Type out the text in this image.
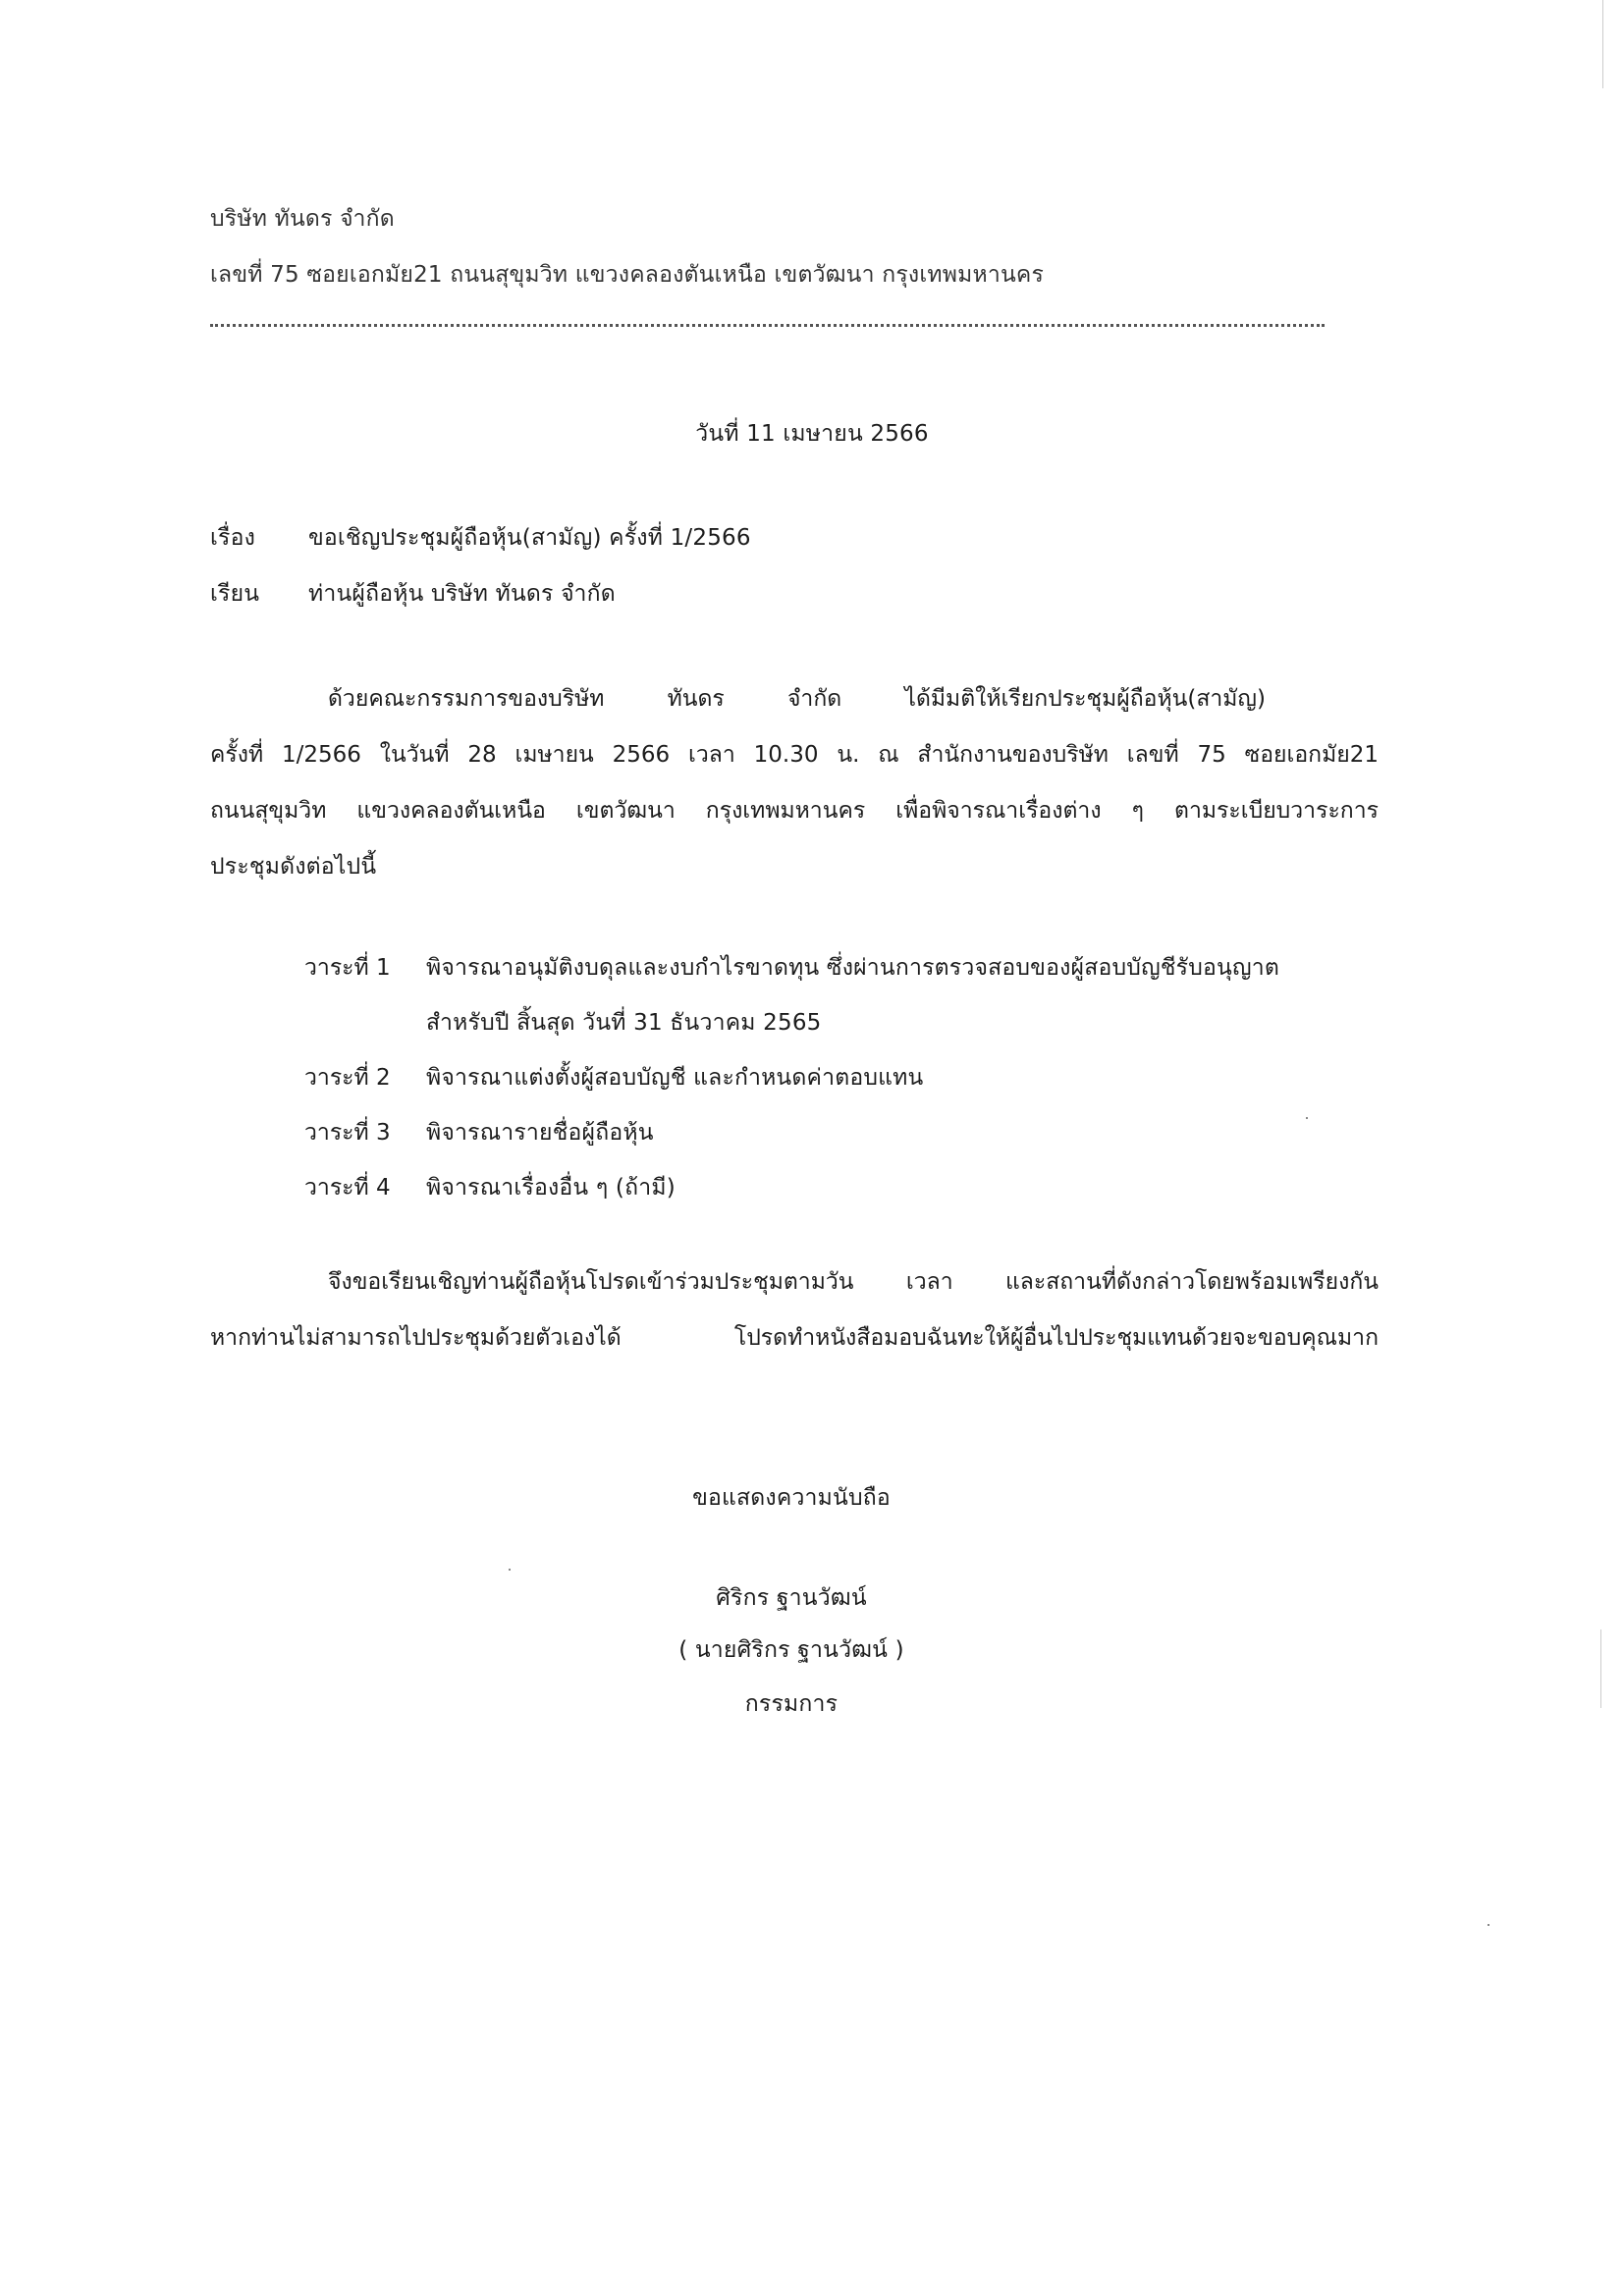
บริษัท ทันดร จำกัด
เลขที่ 75 ซอยเอกมัย21 ถนนสุขุมวิท แขวงคลองตันเหนือ เขตวัฒนา กรุงเทพมหานคร
วันที่ 11 เมษายน 2566
เรื่อง ขอเชิญประชุมผู้ถือหุ้น(สามัญ) ครั้งที่ 1/2566
เรียน ท่านผู้ถือหุ้น บริษัท ทันดร จำกัด
ด้วยคณะกรรมการของบริษัท ทันดร จำกัด ได้มีมติให้เรียกประชุมผู้ถือหุ้น(สามัญ)
ครั้งที่ 1/2566 ในวันที่ 28 เมษายน 2566 เวลา 10.30 น. ณ สำนักงานของบริษัท เลขที่ 75 ซอยเอกมัย21
ถนนสุขุมวิท แขวงคลองตันเหนือ เขตวัฒนา กรุงเทพมหานคร เพื่อพิจารณาเรื่องต่าง ๆ ตามระเบียบวาระการ
ประชุมดังต่อไปนี้
วาระที่ 1 พิจารณาอนุมัติงบดุลและงบกำไรขาดทุน ซึ่งผ่านการตรวจสอบของผู้สอบบัญชีรับอนุญาต
สำหรับปี สิ้นสุด วันที่ 31 ธันวาคม 2565
วาระที่ 2 พิจารณาแต่งตั้งผู้สอบบัญชี และกำหนดค่าตอบแทน
วาระที่ 3 พิจารณารายชื่อผู้ถือหุ้น
วาระที่ 4 พิจารณาเรื่องอื่น ๆ (ถ้ามี)
จึงขอเรียนเชิญท่านผู้ถือหุ้นโปรดเข้าร่วมประชุมตามวัน เวลา และสถานที่ดังกล่าวโดยพร้อมเพรียงกัน
หากท่านไม่สามารถไปประชุมด้วยตัวเองได้ โปรดทำหนังสือมอบฉันทะให้ผู้อื่นไปประชุมแทนด้วยจะขอบคุณมาก
ขอแสดงความนับถือ
ศิริกร ฐานวัฒน์
( นายศิริกร ฐานวัฒน์ )
กรรมการ
